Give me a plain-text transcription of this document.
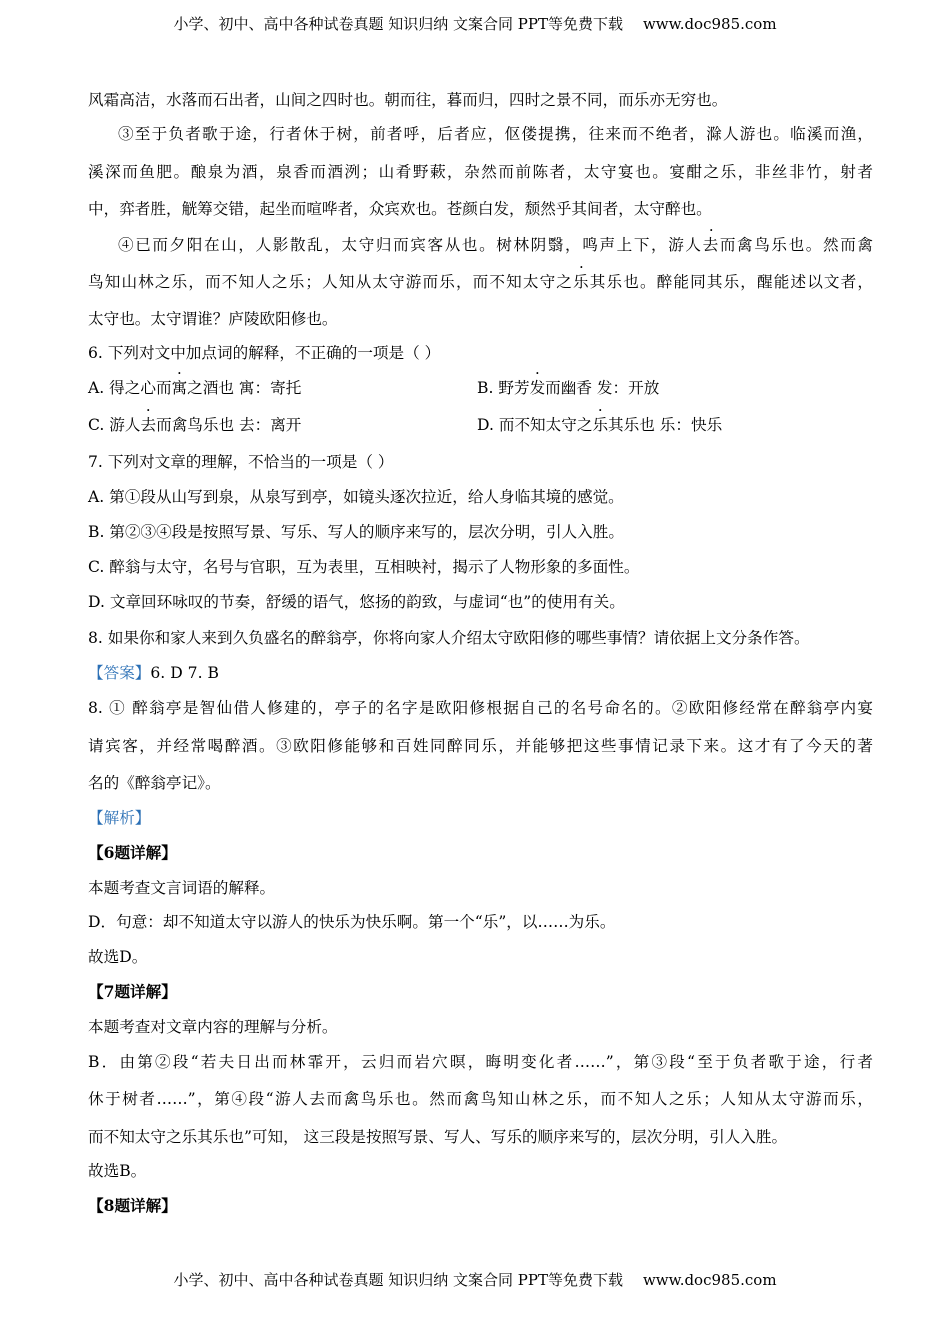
小学、初中、高中各种试卷真题 知识归纳 文案合同 PPT等免费下载 www.doc985.com
风霜高洁，水落而石出者，山间之四时也。朝而往，暮而归，四时之景不同，而乐亦无穷也。
③至于负者歌于途，行者休于树，前者呼，后者应，伛偻提携，往来而不绝者，滁人游也。临溪而渔，
溪深而鱼肥。酿泉为酒，泉香而酒洌；山肴野蔌，杂然而前陈者，太守宴也。宴酣之乐，非丝非竹，射者
中，弈者胜，觥筹交错，起坐而喧哗者，众宾欢也。苍颜白发，颓然乎其间者，太守醉也。
④已而夕阳在山，人影散乱，太守归而宾客从也。树林阴翳，鸣声上下，游人去而禽鸟乐也。然而禽
鸟知山林之乐，而不知人之乐；人知从太守游而乐，而不知太守之乐其乐也。醉能同其乐，醒能述以文者，
太守也。太守谓谁？庐陵欧阳修也。
6. 下列对文中加点词的解释，不正确的一项是（ ）
A. 得之心而寓之酒也 寓：寄托	B. 野芳发而幽香 发：开放
C. 游人去而禽鸟乐也 去：离开	D. 而不知太守之乐其乐也 乐：快乐
7. 下列对文章的理解，不恰当的一项是（ ）
A. 第①段从山写到泉，从泉写到亭，如镜头逐次拉近，给人身临其境的感觉。
B. 第②③④段是按照写景、写乐、写人的顺序来写的，层次分明，引人入胜。
C. 醉翁与太守，名号与官职，互为表里，互相映衬，揭示了人物形象的多面性。
D. 文章回环咏叹的节奏，舒缓的语气，悠扬的韵致，与虚词“也”的使用有关。
8. 如果你和家人来到久负盛名的醉翁亭，你将向家人介绍太守欧阳修的哪些事情？请依据上文分条作答。
【答案】6. D 7. B
8. ① 醉翁亭是智仙借人修建的，亭子的名字是欧阳修根据自己的名号命名的。②欧阳修经常在醉翁亭内宴
请宾客，并经常喝醉酒。③欧阳修能够和百姓同醉同乐，并能够把这些事情记录下来。这才有了今天的著
名的《醉翁亭记》。
【解析】
【6题详解】
本题考查文言词语的解释。
D．句意：却不知道太守以游人的快乐为快乐啊。第一个“乐”，以……为乐。
故选D。
【7题详解】
本题考查对文章内容的理解与分析。
B．由第②段“若夫日出而林霏开，云归而岩穴暝，晦明变化者……”，第③段“至于负者歌于途，行者
休于树者……”，第④段“游人去而禽鸟乐也。然而禽鸟知山林之乐，而不知人之乐；人知从太守游而乐，
而不知太守之乐其乐也”可知， 这三段是按照写景、写人、写乐的顺序来写的，层次分明，引人入胜。
故选B。
【8题详解】
小学、初中、高中各种试卷真题 知识归纳 文案合同 PPT等免费下载 www.doc985.com
